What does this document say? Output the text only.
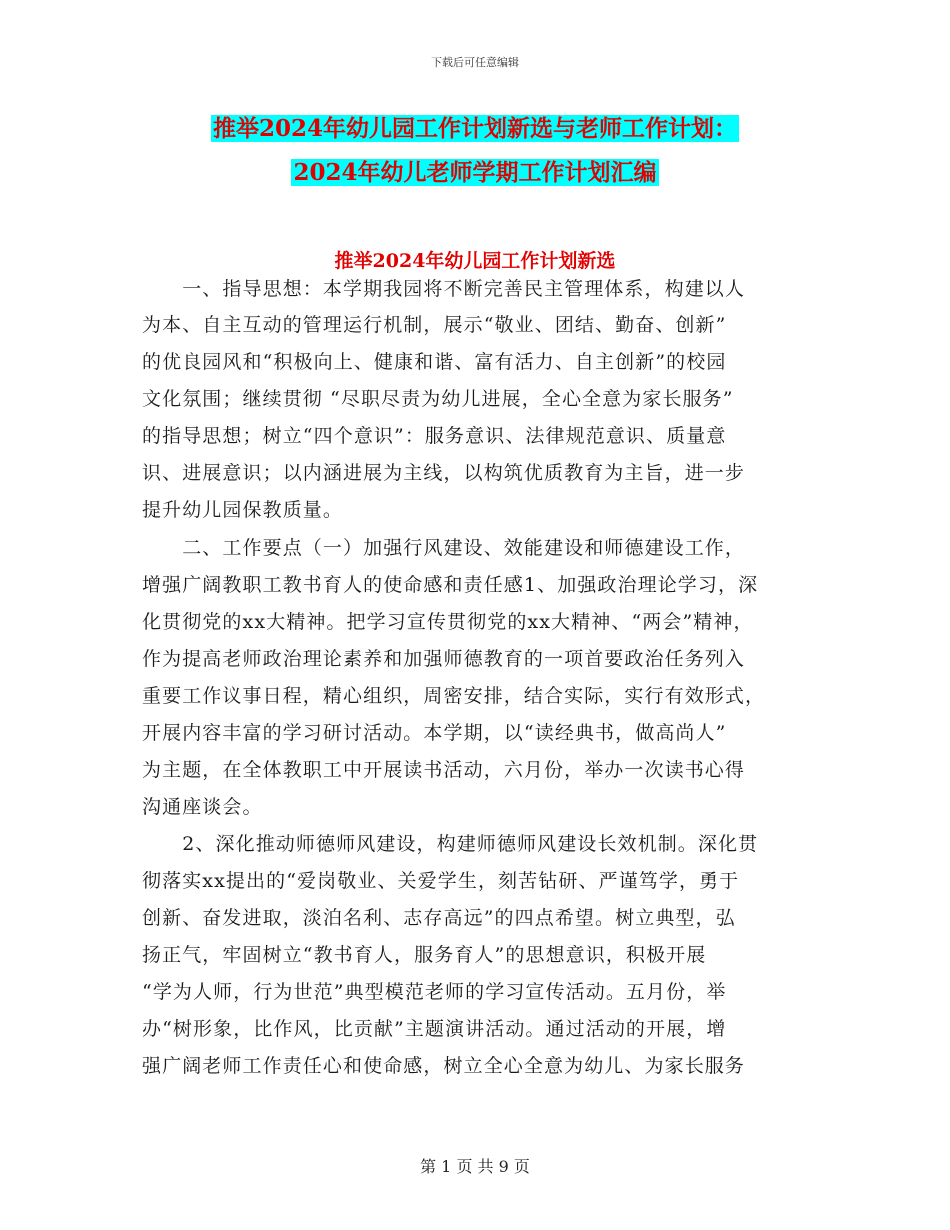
下载后可任意编辑
推举2024年幼儿园工作计划新选与老师工作计划：
2024年幼儿老师学期工作计划汇编
推举2024年幼儿园工作计划新选
　　一、指导思想：本学期我园将不断完善民主管理体系，构建以人
为本、自主互动的管理运行机制，展示“敬业、团结、勤奋、创新”
的优良园风和“积极向上、健康和谐、富有活力、自主创新”的校园
文化氛围；继续贯彻 “尽职尽责为幼儿进展，全心全意为家长服务”
的指导思想；树立“四个意识”：服务意识、法律规范意识、质量意
识、进展意识；以内涵进展为主线，以构筑优质教育为主旨，进一步
提升幼儿园保教质量。
　　二、工作要点（一）加强行风建设、效能建设和师德建设工作，
增强广阔教职工教书育人的使命感和责任感1、加强政治理论学习，深
化贯彻党的xx大精神。把学习宣传贯彻党的xx大精神、“两会”精神，
作为提高老师政治理论素养和加强师德教育的一项首要政治任务列入
重要工作议事日程，精心组织，周密安排，结合实际，实行有效形式，
开展内容丰富的学习研讨活动。本学期，以“读经典书，做高尚人”
为主题，在全体教职工中开展读书活动，六月份，举办一次读书心得
沟通座谈会。
　　2、深化推动师德师风建设，构建师德师风建设长效机制。深化贯
彻落实xx提出的“爱岗敬业、关爱学生，刻苦钻研、严谨笃学，勇于
创新、奋发进取，淡泊名利、志存高远”的四点希望。树立典型，弘
扬正气，牢固树立“教书育人，服务育人”的思想意识，积极开展
“学为人师，行为世范”典型模范老师的学习宣传活动。五月份，举
办“树形象，比作风，比贡献”主题演讲活动。通过活动的开展，增
强广阔老师工作责任心和使命感，树立全心全意为幼儿、为家长服务
第 1 页 共 9 页
